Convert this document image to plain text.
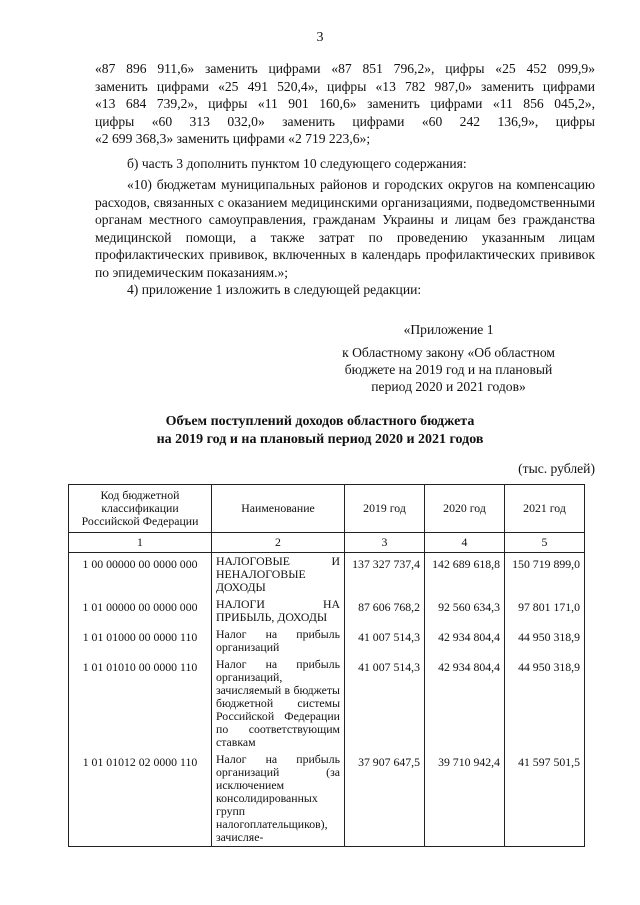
3
«87 896 911,6» заменить цифрами «87 851 796,2», цифры «25 452 099,9»
заменить цифрами «25 491 520,4», цифры «13 782 987,0» заменить цифрами
«13 684 739,2», цифры «11 901 160,6» заменить цифрами «11 856 045,2»,
цифры «60 313 032,0» заменить цифрами «60 242 136,9», цифры
«2 699 368,3» заменить цифрами «2 719 223,6»;
б) часть 3 дополнить пунктом 10 следующего содержания:
«10) бюджетам муниципальных районов и городских округов на компенсацию расходов, связанных с оказанием медицинскими организациями, подведомственными органам местного самоуправления, гражданам Украины и лицам без гражданства медицинской помощи, а также затрат по проведению указанным лицам профилактических прививок, включенных в календарь профилактических прививок по эпидемическим показаниям.»;
4) приложение 1 изложить в следующей редакции:
«Приложение 1
к Областному закону «Об областном
бюджете на 2019 год и на плановый
период 2020 и 2021 годов»
Объем поступлений доходов областного бюджета
на 2019 год и на плановый период 2020 и 2021 годов
(тыс. рублей)
Код бюджетной классификации Российской Федерации	Наименование	2019 год	2020 год	2021 год
1	2	3	4	5
1 00 00000 00 0000 000	НАЛОГОВЫЕ И НЕНАЛОГОВЫЕ ДОХОДЫ	137 327 737,4	142 689 618,8	150 719 899,0
1 01 00000 00 0000 000	НАЛОГИ НА ПРИБЫЛЬ, ДОХОДЫ	87 606 768,2	92 560 634,3	97 801 171,0
1 01 01000 00 0000 110	Налог на прибыль организаций	41 007 514,3	42 934 804,4	44 950 318,9
1 01 01010 00 0000 110	Налог на прибыль организаций, зачисляемый в бюджеты бюджетной системы Российской Федерации по соответствующим ставкам	41 007 514,3	42 934 804,4	44 950 318,9
1 01 01012 02 0000 110	Налог на прибыль организаций (за исключением консолидированных групп налогоплательщиков), зачисляе-	37 907 647,5	39 710 942,4	41 597 501,5
